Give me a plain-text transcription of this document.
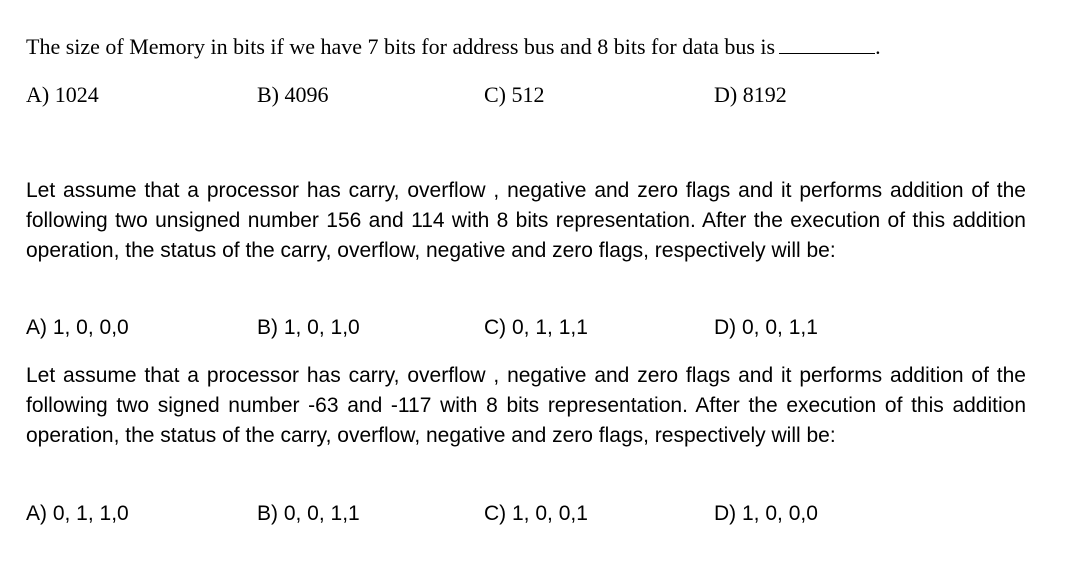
The size of Memory in bits if we have 7 bits for address bus and 8 bits for data bus is	.
A) 1024	B) 4096	C) 512	D) 8192
Let assume that a processor has carry, overflow , negative and zero flags and it performs addition of the following two unsigned number 156 and 114 with 8 bits representation. After the execution of this addition operation, the status of the carry, overflow, negative and zero flags, respectively will be:
A) 1, 0, 0,0	B) 1, 0, 1,0	C) 0, 1, 1,1	D) 0, 0, 1,1
Let assume that a processor has carry, overflow , negative and zero flags and it performs addition of the following two signed number -63 and -117 with 8 bits representation. After the execution of this addition operation, the status of the carry, overflow, negative and zero flags, respectively will be:
A) 0, 1, 1,0	B) 0, 0, 1,1	C) 1, 0, 0,1	D) 1, 0, 0,0
